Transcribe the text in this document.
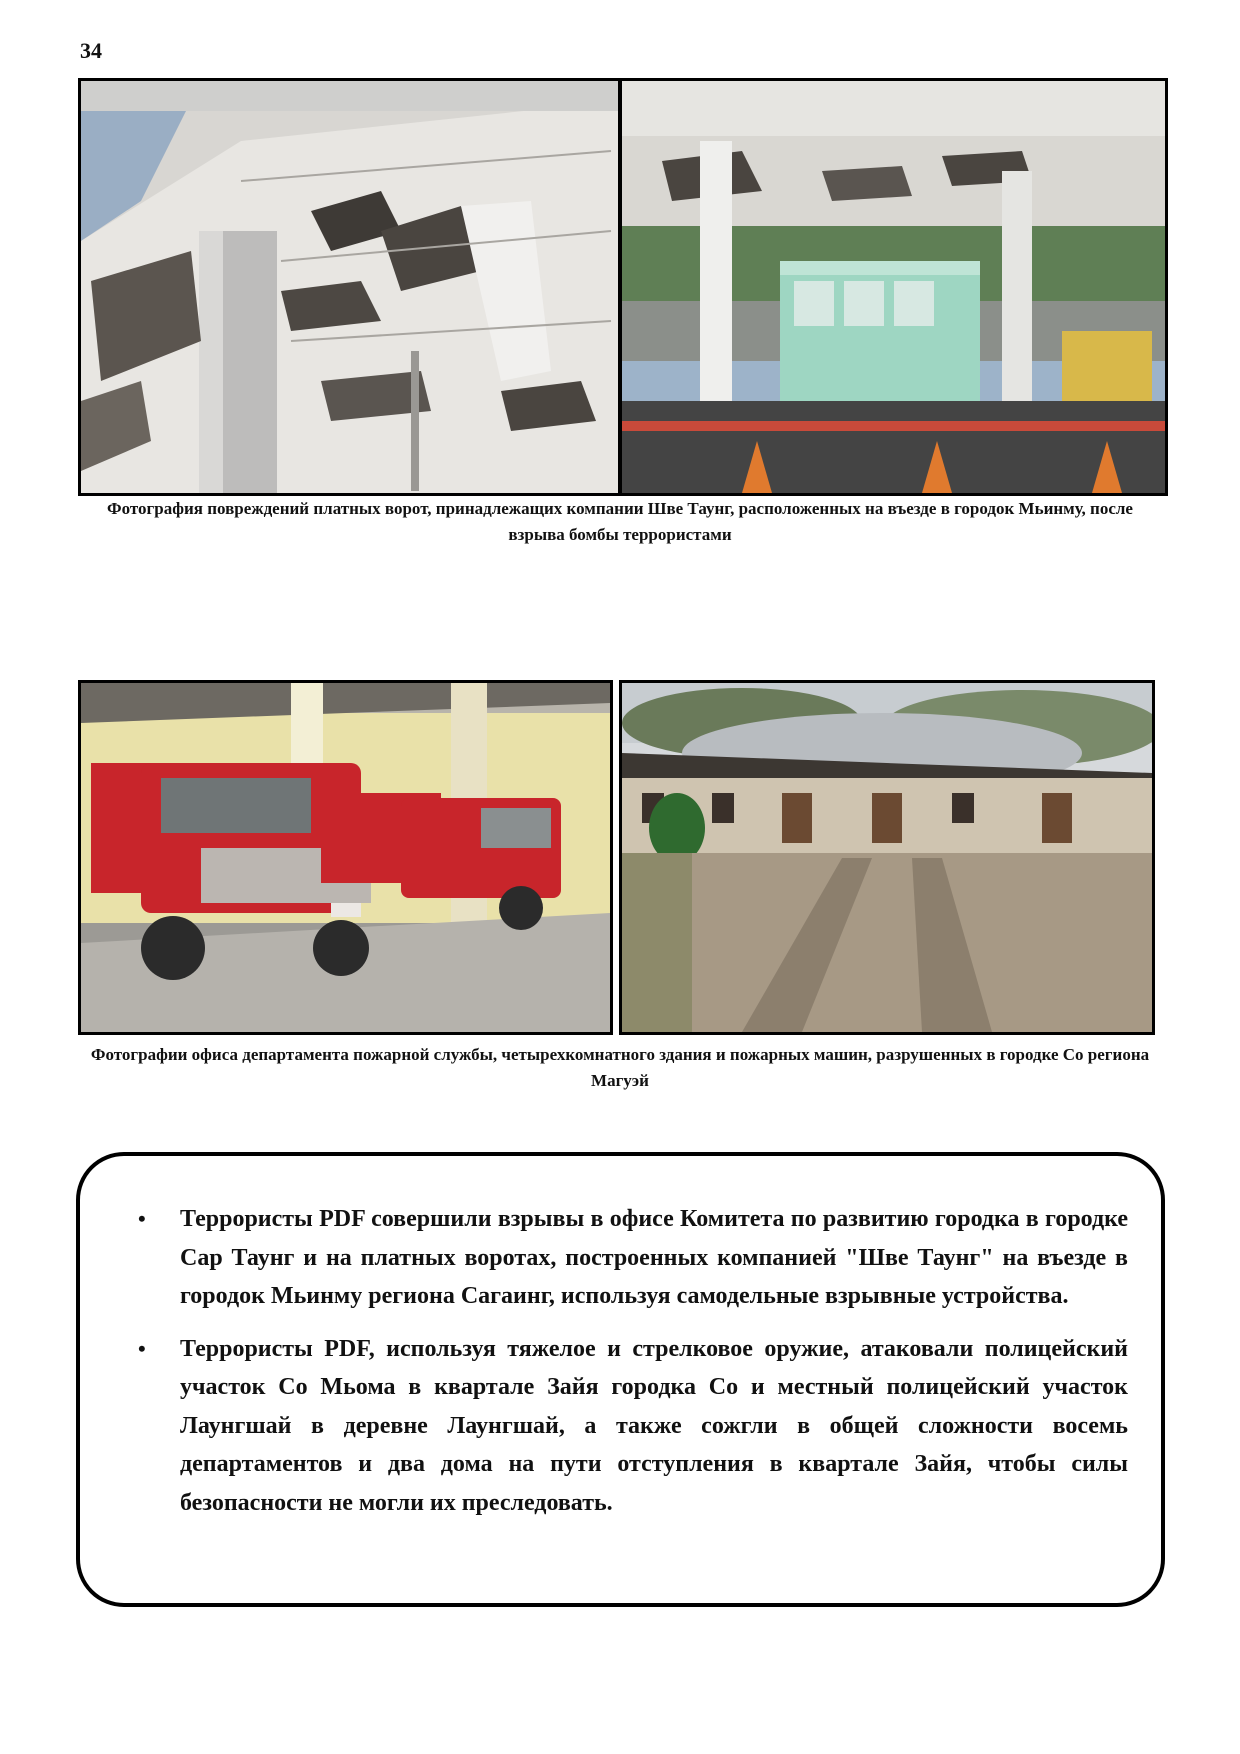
34
Фотография повреждений платных ворот, принадлежащих компании Шве Таунг, расположенных на въезде в городок Мьинму, после взрыва бомбы террористами
Фотографии офиса департамента пожарной службы, четырехкомнатного здания и пожарных машин, разрушенных в городке Со региона Магуэй
• Террористы PDF совершили взрывы в офисе Комитета по развитию городка в городке Сар Таунг и на платных воротах, построенных компанией "Шве Таунг" на въезде в городок Мьинму региона Сагаинг, используя самодельные взрывные устройства.
• Террористы PDF, используя тяжелое и стрелковое оружие, атаковали полицейский участок Со Мьома в квартале Зайя городка Со и местный полицейский участок Лаунгшай в деревне Лаунгшай, а также сожгли в общей сложности восемь департаментов и два дома на пути отступления в квартале Зайя, чтобы силы безопасности не могли их преследовать.
